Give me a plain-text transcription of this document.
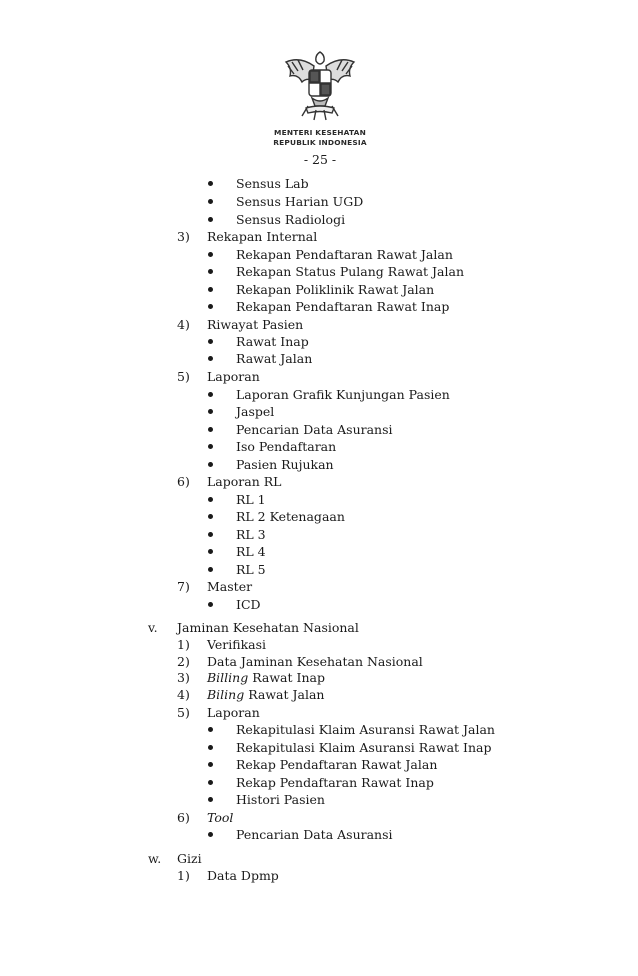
MENTERI KESEHATAN
REPUBLIK INDONESIA
- 25 -
Sensus Lab
Sensus Harian UGD
Sensus Radiologi
3) Rekapan Internal
Rekapan Pendaftaran Rawat Jalan
Rekapan Status Pulang Rawat Jalan
Rekapan Poliklinik Rawat Jalan
Rekapan Pendaftaran Rawat Inap
4) Riwayat Pasien
Rawat Inap
Rawat Jalan
5) Laporan
Laporan Grafik Kunjungan Pasien
Jaspel
Pencarian Data Asuransi
Iso Pendaftaran
Pasien Rujukan
6) Laporan RL
RL 1
RL 2 Ketenagaan
RL 3
RL 4
RL 5
7) Master
ICD
v. Jaminan Kesehatan Nasional
1) Verifikasi
2) Data Jaminan Kesehatan Nasional
3) Billing Rawat Inap
4) Biling Rawat Jalan
5) Laporan
Rekapitulasi Klaim Asuransi Rawat Jalan
Rekapitulasi Klaim Asuransi Rawat Inap
Rekap Pendaftaran Rawat Jalan
Rekap Pendaftaran Rawat Inap
Histori Pasien
6) Tool
Pencarian Data Asuransi
w. Gizi
1) Data Dpmp
